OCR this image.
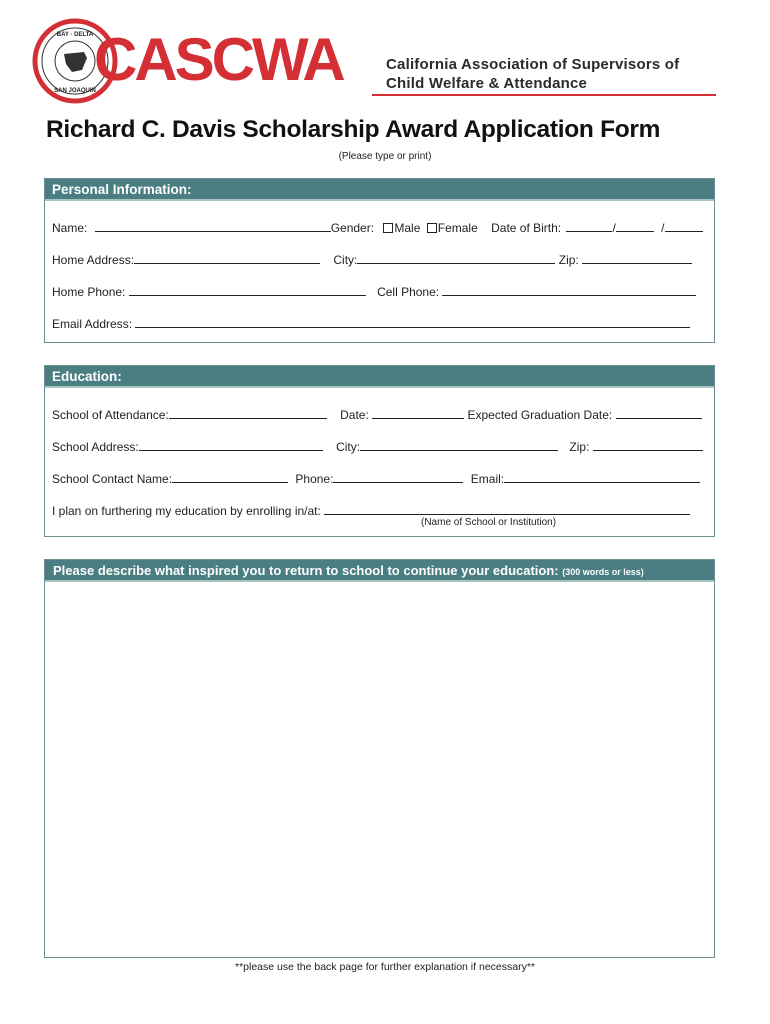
BAY · DELTA
SAN JOAQUIN
CASCWA	California Association of Supervisors of
Child Welfare & Attendance
Richard C. Davis Scholarship Award Application Form
(Please type or print)
Personal Information:
Name:	Gender: Male Female Date of Birth:	/	/
Home Address:	City:	Zip:
Home Phone:	Cell Phone:
Email Address:
Education:
School of Attendance:	Date:	Expected Graduation Date:
School Address:	City:	Zip:
School Contact Name:	Phone:	Email:
I plan on furthering my education by enrolling in/at:
(Name of School or Institution)
Please describe what inspired you to return to school to continue your education: (300 words or less)
**please use the back page for further explanation if necessary**
